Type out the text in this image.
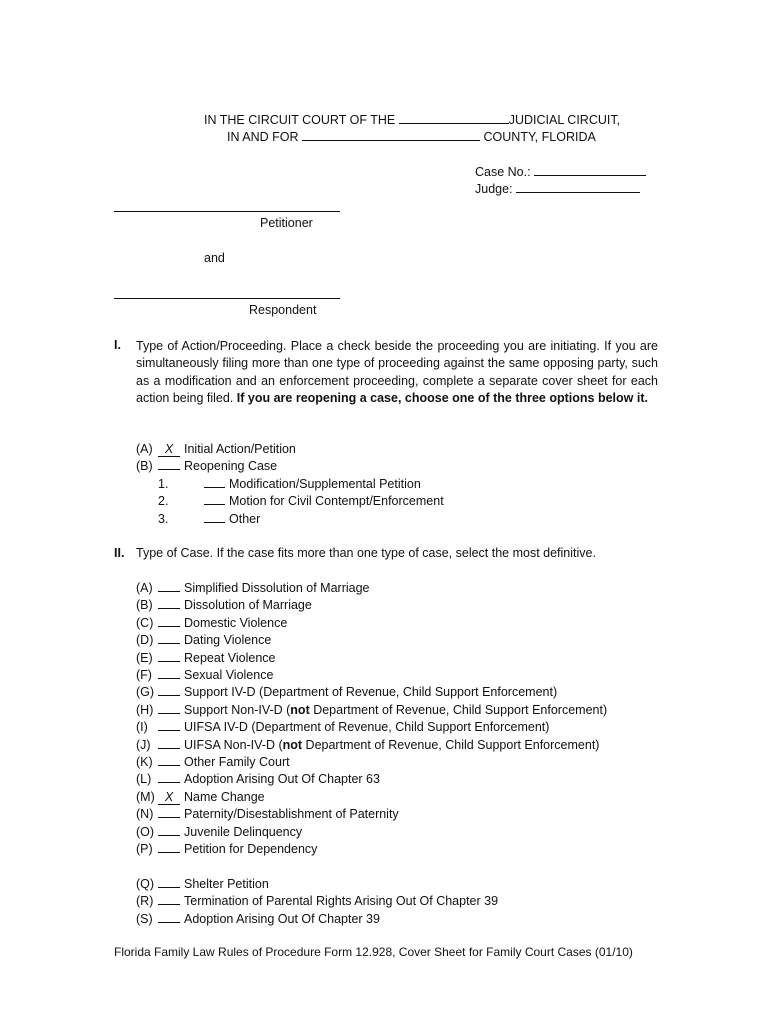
IN THE CIRCUIT COURT OF THE	JUDICIAL CIRCUIT,
IN AND FOR	COUNTY, FLORIDA
Case No.:
Judge:
Petitioner
and
Respondent
I. Type of Action/Proceeding. Place a check beside the proceeding you are initiating. If you are simultaneously filing more than one type of proceeding against the same opposing party, such as a modification and an enforcement proceeding, complete a separate cover sheet for each action being filed. If you are reopening a case, choose one of the three options below it.
(A) X Initial Action/Petition
(B)	Reopening Case
1.	Modification/Supplemental Petition
2.	Motion for Civil Contempt/Enforcement
3.	Other
II. Type of Case. If the case fits more than one type of case, select the most definitive.
(A)	Simplified Dissolution of Marriage
(B)	Dissolution of Marriage
(C) Domestic Violence
(D) Dating Violence
(E)	Repeat Violence
(F)	Sexual Violence
(G) Support IV-D (Department of Revenue, Child Support Enforcement)
(H) Support Non-IV-D (not Department of Revenue, Child Support Enforcement)
(I)	UIFSA IV-D (Department of Revenue, Child Support Enforcement)
(J)	UIFSA Non-IV-D (not Department of Revenue, Child Support Enforcement)
(K)	Other Family Court
(L)	Adoption Arising Out Of Chapter 63
(M) X Name Change
(N) Paternity/Disestablishment of Paternity
(O) Juvenile Delinquency
(P)	Petition for Dependency
(Q) Shelter Petition
(R) Termination of Parental Rights Arising Out Of Chapter 39
(S)	Adoption Arising Out Of Chapter 39
Florida Family Law Rules of Procedure Form 12.928, Cover Sheet for Family Court Cases (01/10)
